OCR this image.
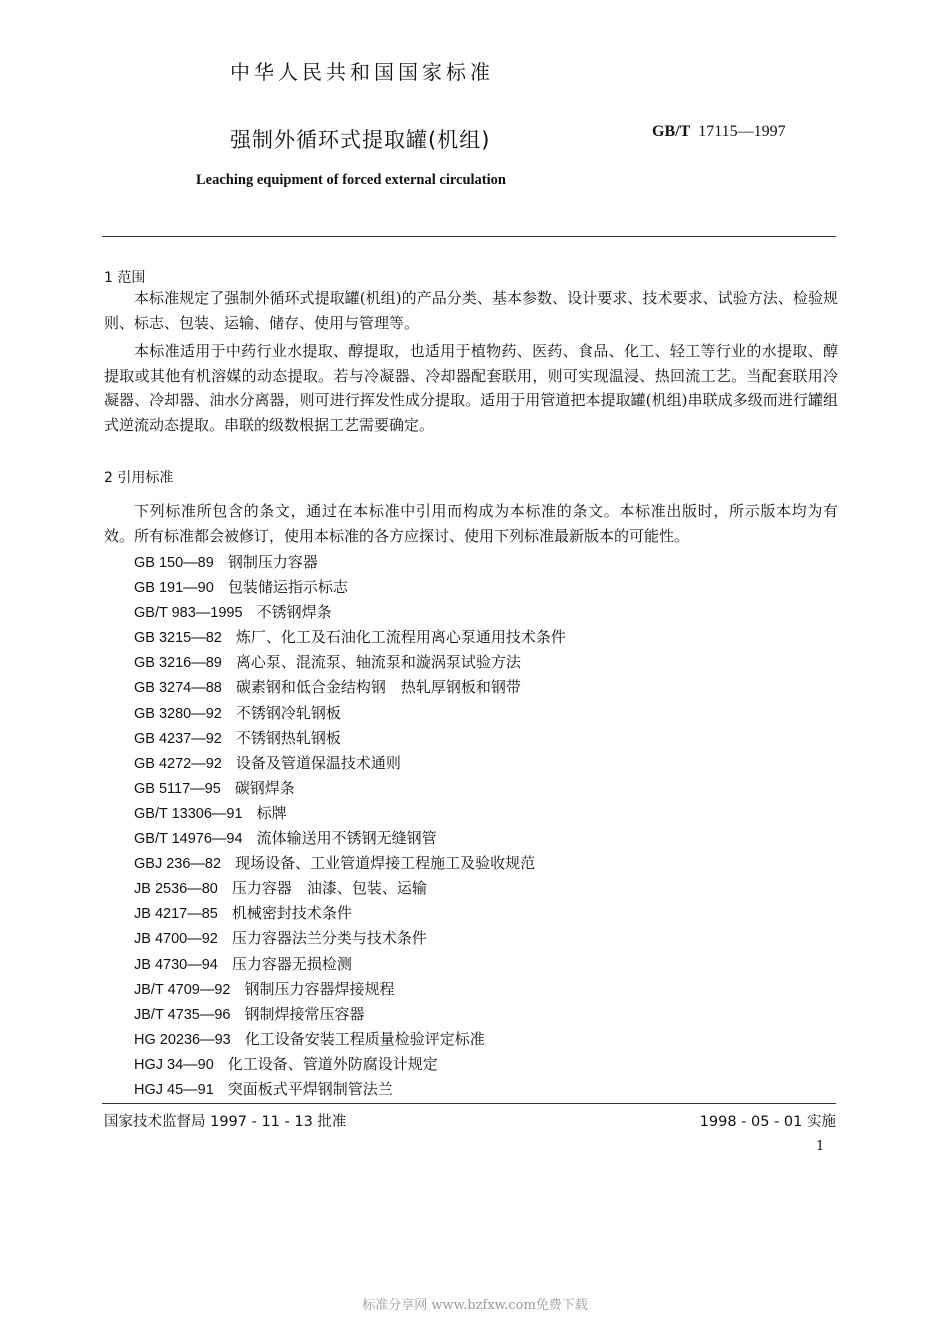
中华人民共和国国家标准
强制外循环式提取罐(机组)	GB/T 17115—1997
Leaching equipment of forced external circulation
1 范围

本标准规定了强制外循环式提取罐(机组)的产品分类、基本参数、设计要求、技术要求、试验方法、检验规则、标志、包装、运输、储存、使用与管理等。

本标准适用于中药行业水提取、醇提取，也适用于植物药、医药、食品、化工、轻工等行业的水提取、醇提取或其他有机溶媒的动态提取。若与冷凝器、冷却器配套联用，则可实现温浸、热回流工艺。当配套联用冷凝器、冷却器、油水分离器，则可进行挥发性成分提取。适用于用管道把本提取罐(机组)串联成多级而进行罐组式逆流动态提取。串联的级数根据工艺需要确定。

2 引用标准

下列标准所包含的条文，通过在本标准中引用而构成为本标准的条文。本标准出版时，所示版本均为有效。所有标准都会被修订，使用本标准的各方应探讨、使用下列标准最新版本的可能性。

GB 150—89 钢制压力容器
GB 191—90 包装储运指示标志
GB/T 983—1995 不锈钢焊条
GB 3215—82 炼厂、化工及石油化工流程用离心泵通用技术条件
GB 3216—89 离心泵、混流泵、轴流泵和漩涡泵试验方法
GB 3274—88 碳素钢和低合金结构钢　热轧厚钢板和钢带
GB 3280—92 不锈钢冷轧钢板
GB 4237—92 不锈钢热轧钢板
GB 4272—92 设备及管道保温技术通则
GB 5117—95 碳钢焊条
GB/T 13306—91 标牌
GB/T 14976—94 流体输送用不锈钢无缝钢管
GBJ 236—82 现场设备、工业管道焊接工程施工及验收规范
JB 2536—80 压力容器　油漆、包装、运输
JB 4217—85 机械密封技术条件
JB 4700—92 压力容器法兰分类与技术条件
JB 4730—94 压力容器无损检测
JB/T 4709—92 钢制压力容器焊接规程
JB/T 4735—96 钢制焊接常压容器
HG 20236—93 化工设备安装工程质量检验评定标准
HGJ 34—90 化工设备、管道外防腐设计规定
HGJ 45—91 突面板式平焊钢制管法兰
国家技术监督局 1997 - 11 - 13 批准	1998 - 05 - 01 实施
1
标准分享网 www.bzfxw.com免费下载
